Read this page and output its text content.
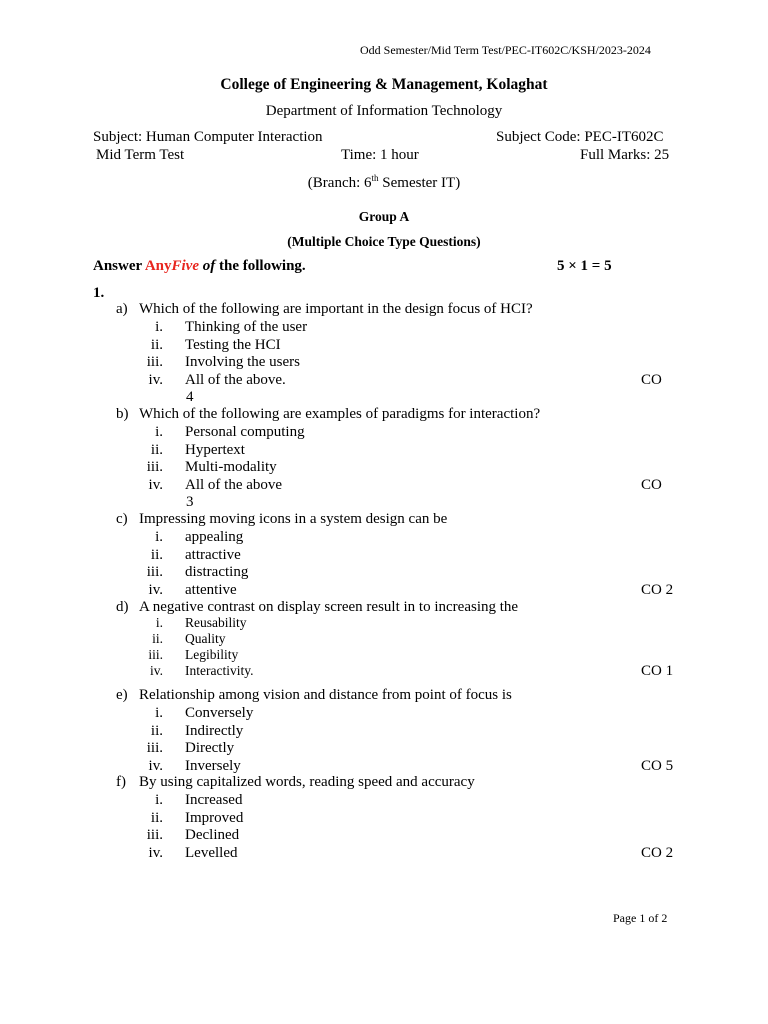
Odd Semester/Mid Term Test/PEC-IT602C/KSH/2023-2024
College of Engineering & Management, Kolaghat
Department of Information Technology
Subject: Human Computer Interaction	Subject Code: PEC-IT602C
Mid Term Test	Time: 1 hour	Full Marks: 25
(Branch: 6th Semester IT)
Group A
(Multiple Choice Type Questions)
Answer AnyFive of the following.	5 × 1 = 5
1.
a) Which of the following are important in the design focus of HCI?
i. Thinking of the user
ii. Testing the HCI
iii. Involving the users
iv. All of the above.	CO
4
b) Which of the following are examples of paradigms for interaction?
i. Personal computing
ii. Hypertext
iii. Multi-modality
iv. All of the above	CO
3
c) Impressing moving icons in a system design can be
i. appealing
ii. attractive
iii. distracting
iv. attentive	CO 2
d) A negative contrast on display screen result in to increasing the
i. Reusability
ii. Quality
iii. Legibility
iv. Interactivity.	CO 1
e) Relationship among vision and distance from point of focus is
i. Conversely
ii. Indirectly
iii. Directly
iv. Inversely	CO 5
f) By using capitalized words, reading speed and accuracy
i. Increased
ii. Improved
iii. Declined
iv. Levelled	CO 2
Page 1 of 2
